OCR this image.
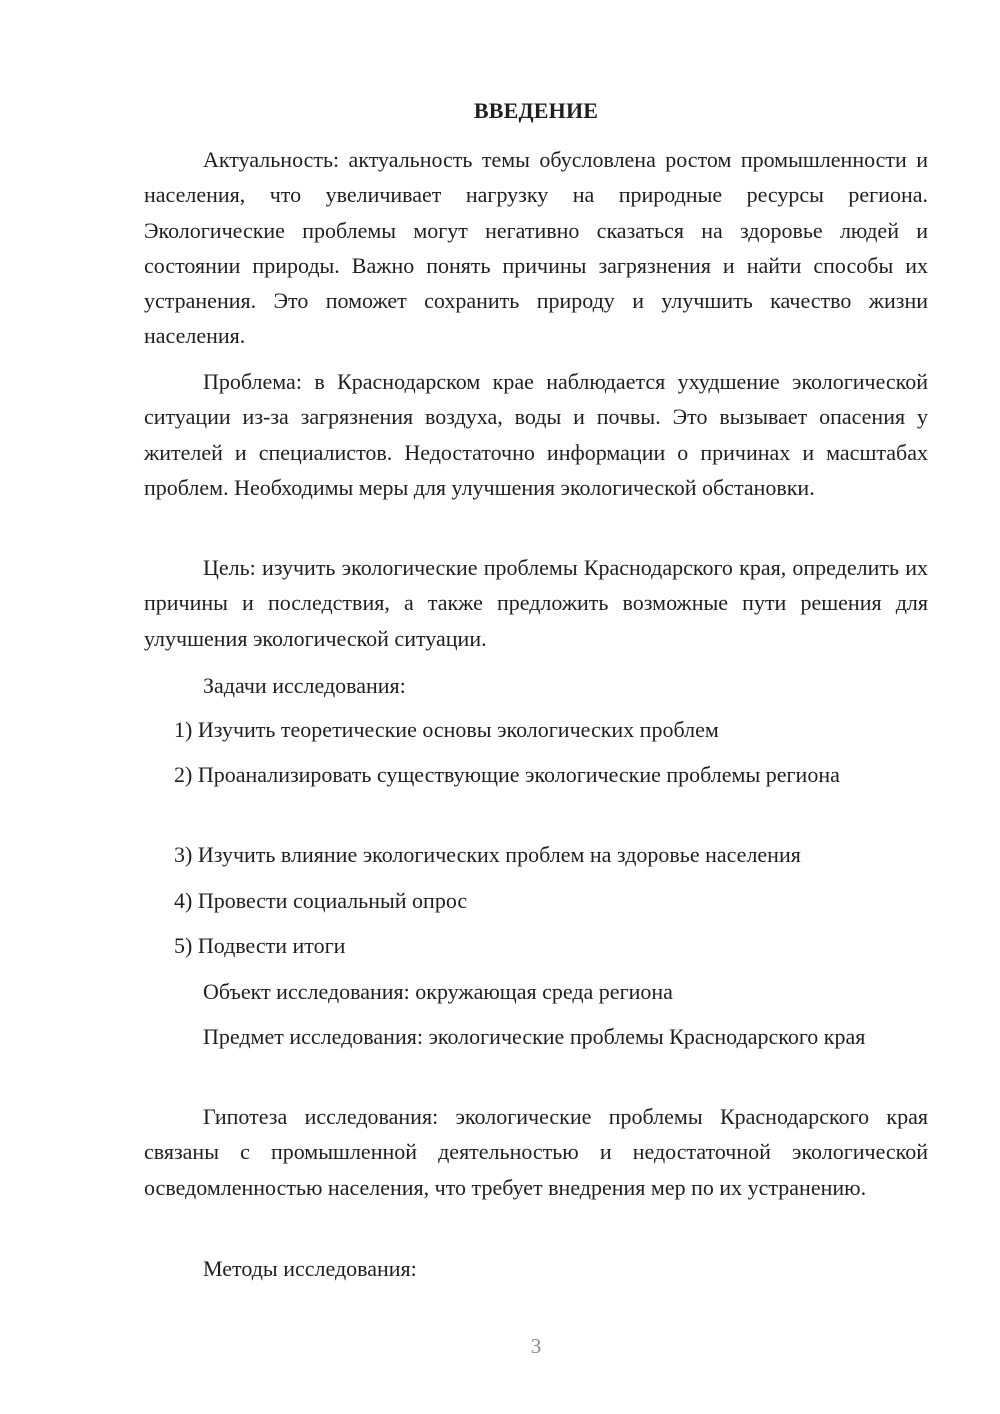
ВВЕДЕНИЕ

Актуальность: актуальность темы обусловлена ростом промышленности и населения, что увеличивает нагрузку на природные ресурсы региона. Экологические проблемы могут негативно сказаться на здоровье людей и состоянии природы. Важно понять причины загрязнения и найти способы их устранения. Это поможет сохранить природу и улучшить качество жизни населения.

Проблема: в Краснодарском крае наблюдается ухудшение экологической ситуации из-за загрязнения воздуха, воды и почвы. Это вызывает опасения у жителей и специалистов. Недостаточно информации о причинах и масштабах проблем. Необходимы меры для улучшения экологической обстановки.

Цель: изучить экологические проблемы Краснодарского края, определить их причины и последствия, а также предложить возможные пути решения для улучшения экологической ситуации.

Задачи исследования:

1) Изучить теоретические основы экологических проблем

2) Проанализировать существующие экологические проблемы региона

3) Изучить влияние экологических проблем на здоровье населения

4) Провести социальный опрос

5) Подвести итоги

Объект исследования: окружающая среда региона

Предмет исследования: экологические проблемы Краснодарского края

Гипотеза исследования: экологические проблемы Краснодарского края связаны с промышленной деятельностью и недостаточной экологической осведомленностью населения, что требует внедрения мер по их устранению.

Методы исследования:

3
